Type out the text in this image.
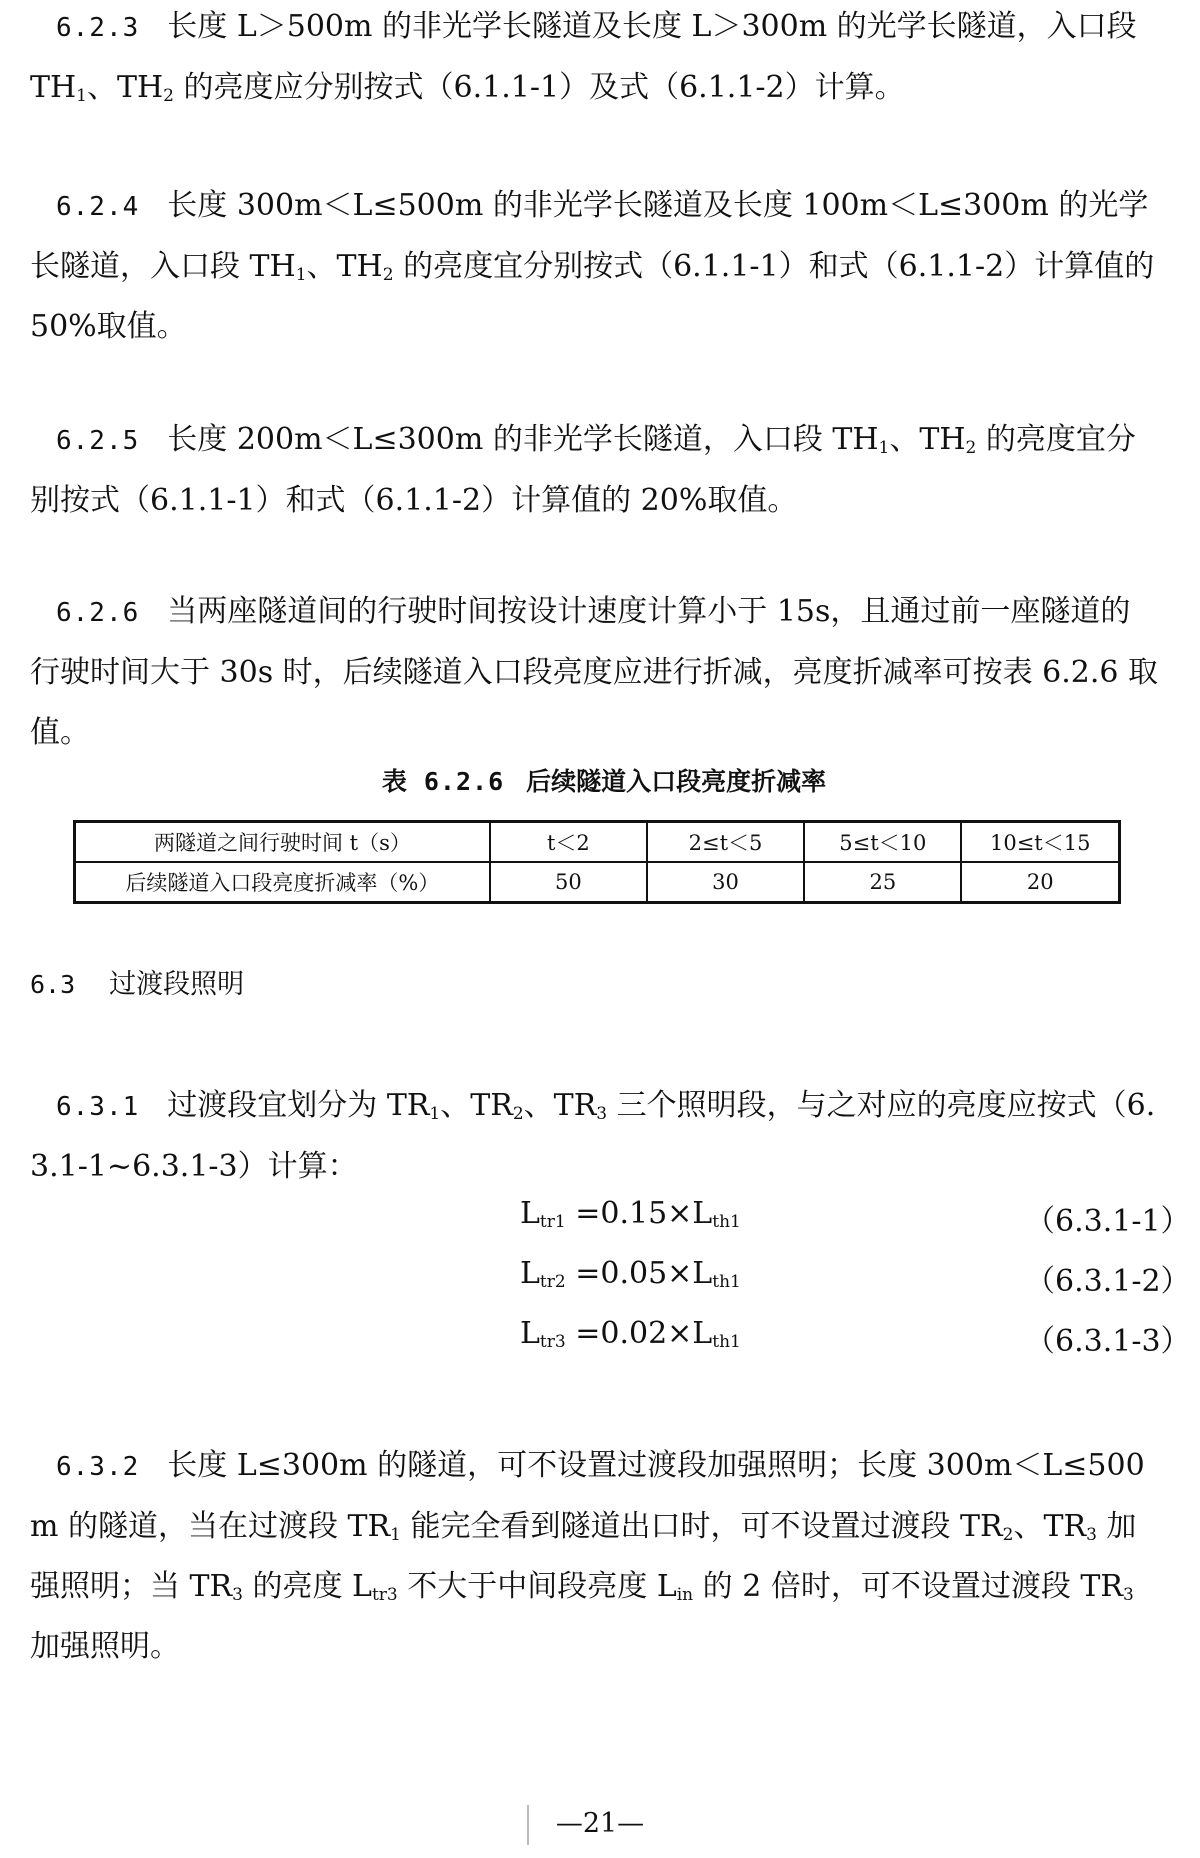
6.2.3 长度 L＞500m 的非光学长隧道及长度 L＞300m 的光学长隧道，入口段 $TH_1$、$TH_2$ 的亮度应分别按式（6.1.1-1）及式（6.1.1-2）计算。

6.2.4 长度 300m＜L≤500m 的非光学长隧道及长度 100m＜L≤300m 的光学长隧道，入口段 $TH_1$、$TH_2$ 的亮度宜分别按式（6.1.1-1）和式（6.1.1-2）计算值的 50%取值。

6.2.5 长度 200m＜L≤300m 的非光学长隧道，入口段 $TH_1$、$TH_2$ 的亮度宜分别按式（6.1.1-1）和式（6.1.1-2）计算值的 20%取值。

6.2.6 当两座隧道间的行驶时间按设计速度计算小于 15s，且通过前一座隧道的行驶时间大于 30s 时，后续隧道入口段亮度应进行折减，亮度折减率可按表 6.2.6 取值。

表 6.2.6 后续隧道入口段亮度折减率

两隧道之间行驶时间 t（s）	t＜2	2≤t＜5	5≤t＜10	10≤t＜15
后续隧道入口段亮度折减率（%）	50	30	25	20
6.3 过渡段照明

6.3.1 过渡段宜划分为 $TR_1$、$TR_2$、$TR_3$ 三个照明段，与之对应的亮度应按式（6.3.1-1~6.3.1-3）计算：

$L_{tr1} =0.15\times L_{th1}$	（6.3.1-1）
$L_{tr2} =0.05\times L_{th1}$	（6.3.1-2）
$L_{tr3} =0.02\times L_{th1}$	（6.3.1-3）

6.3.2 长度 L≤300m 的隧道，可不设置过渡段加强照明；长度 300m＜L≤500m 的隧道，当在过渡段 $TR_1$ 能完全看到隧道出口时，可不设置过渡段 $TR_2$、$TR_3$ 加强照明；当 $TR_3$ 的亮度 $L_{tr3}$ 不大于中间段亮度 $L_{in}$ 的 2 倍时，可不设置过渡段 $TR_3$ 加强照明。

—21—
